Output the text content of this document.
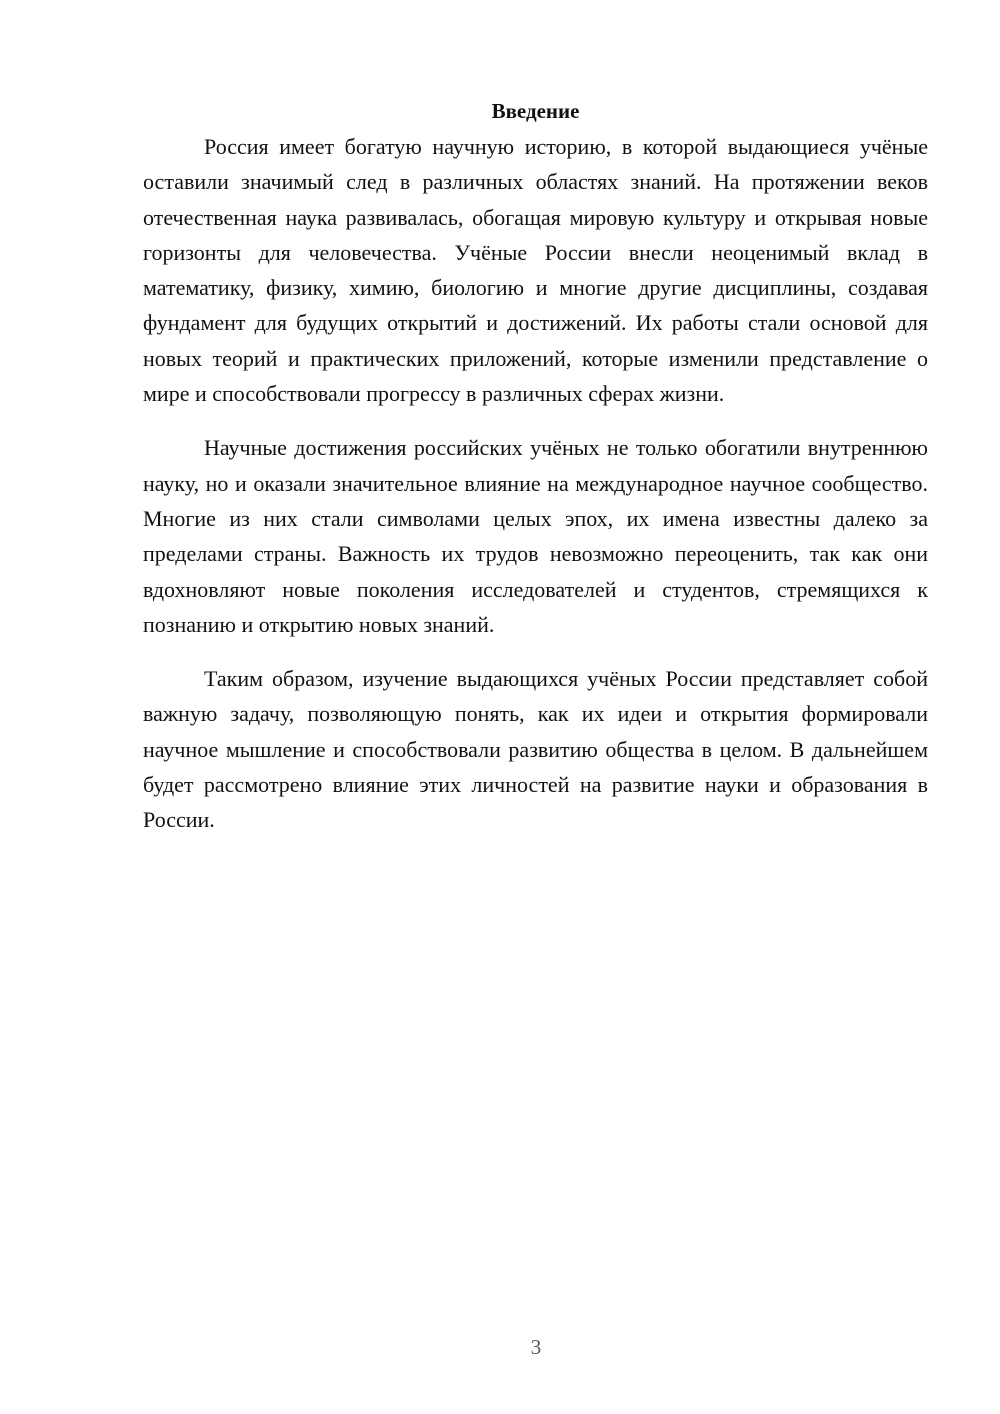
Введение

Россия имеет богатую научную историю, в которой выдающиеся учёные оставили значимый след в различных областях знаний. На протяжении веков отечественная наука развивалась, обогащая мировую культуру и открывая новые горизонты для человечества. Учёные России внесли неоценимый вклад в математику, физику, химию, биологию и многие другие дисциплины, создавая фундамент для будущих открытий и достижений. Их работы стали основой для новых теорий и практических приложений, которые изменили представление о мире и способствовали прогрессу в различных сферах жизни.

Научные достижения российских учёных не только обогатили внутреннюю науку, но и оказали значительное влияние на международное научное сообщество. Многие из них стали символами целых эпох, их имена известны далеко за пределами страны. Важность их трудов невозможно переоценить, так как они вдохновляют новые поколения исследователей и студентов, стремящихся к познанию и открытию новых знаний.

Таким образом, изучение выдающихся учёных России представляет собой важную задачу, позволяющую понять, как их идеи и открытия формировали научное мышление и способствовали развитию общества в целом. В дальнейшем будет рассмотрено влияние этих личностей на развитие науки и образования в России.

3
